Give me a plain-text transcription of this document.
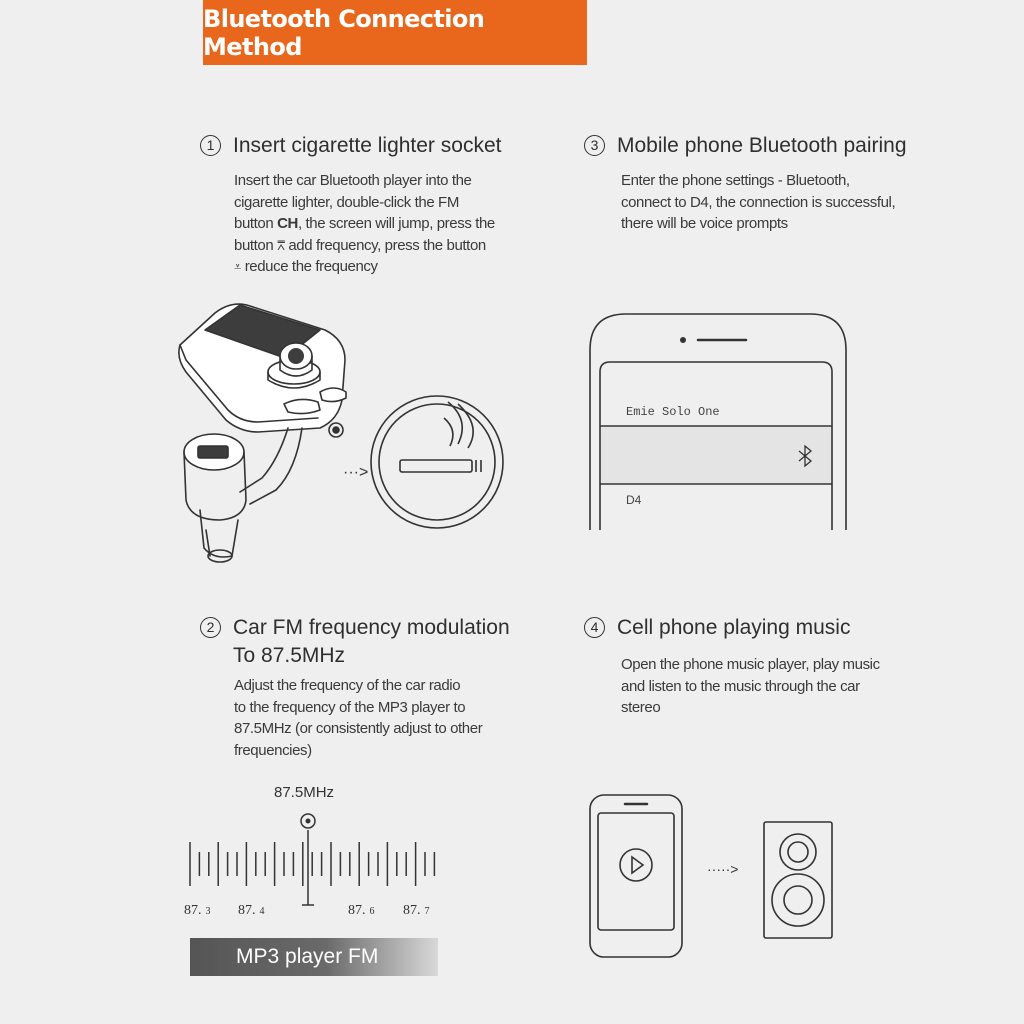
Bluetooth Connection Method
1 Insert cigarette lighter socket
Insert the car Bluetooth player into the
cigarette lighter, double-click the FM
button CH, the screen will jump, press the
button ⩞ add frequency, press the button
⩡ reduce the frequency
···>
2 Car FM frequency modulation
To 87.5MHz
Adjust the frequency of the car radio
to the frequency of the MP3 player to
87.5MHz (or consistently adjust to other
frequencies)
87.5MHz
87. 3 87. 4	87. 6 87. 7
MP3 player FM
3 Mobile phone Bluetooth pairing
Enter the phone settings - Bluetooth,
connect to D4, the connection is successful,
there will be voice prompts
Emie Solo One
D4
4 Cell phone playing music
Open the phone music player, play music
and listen to the music through the car
stereo
·····>
